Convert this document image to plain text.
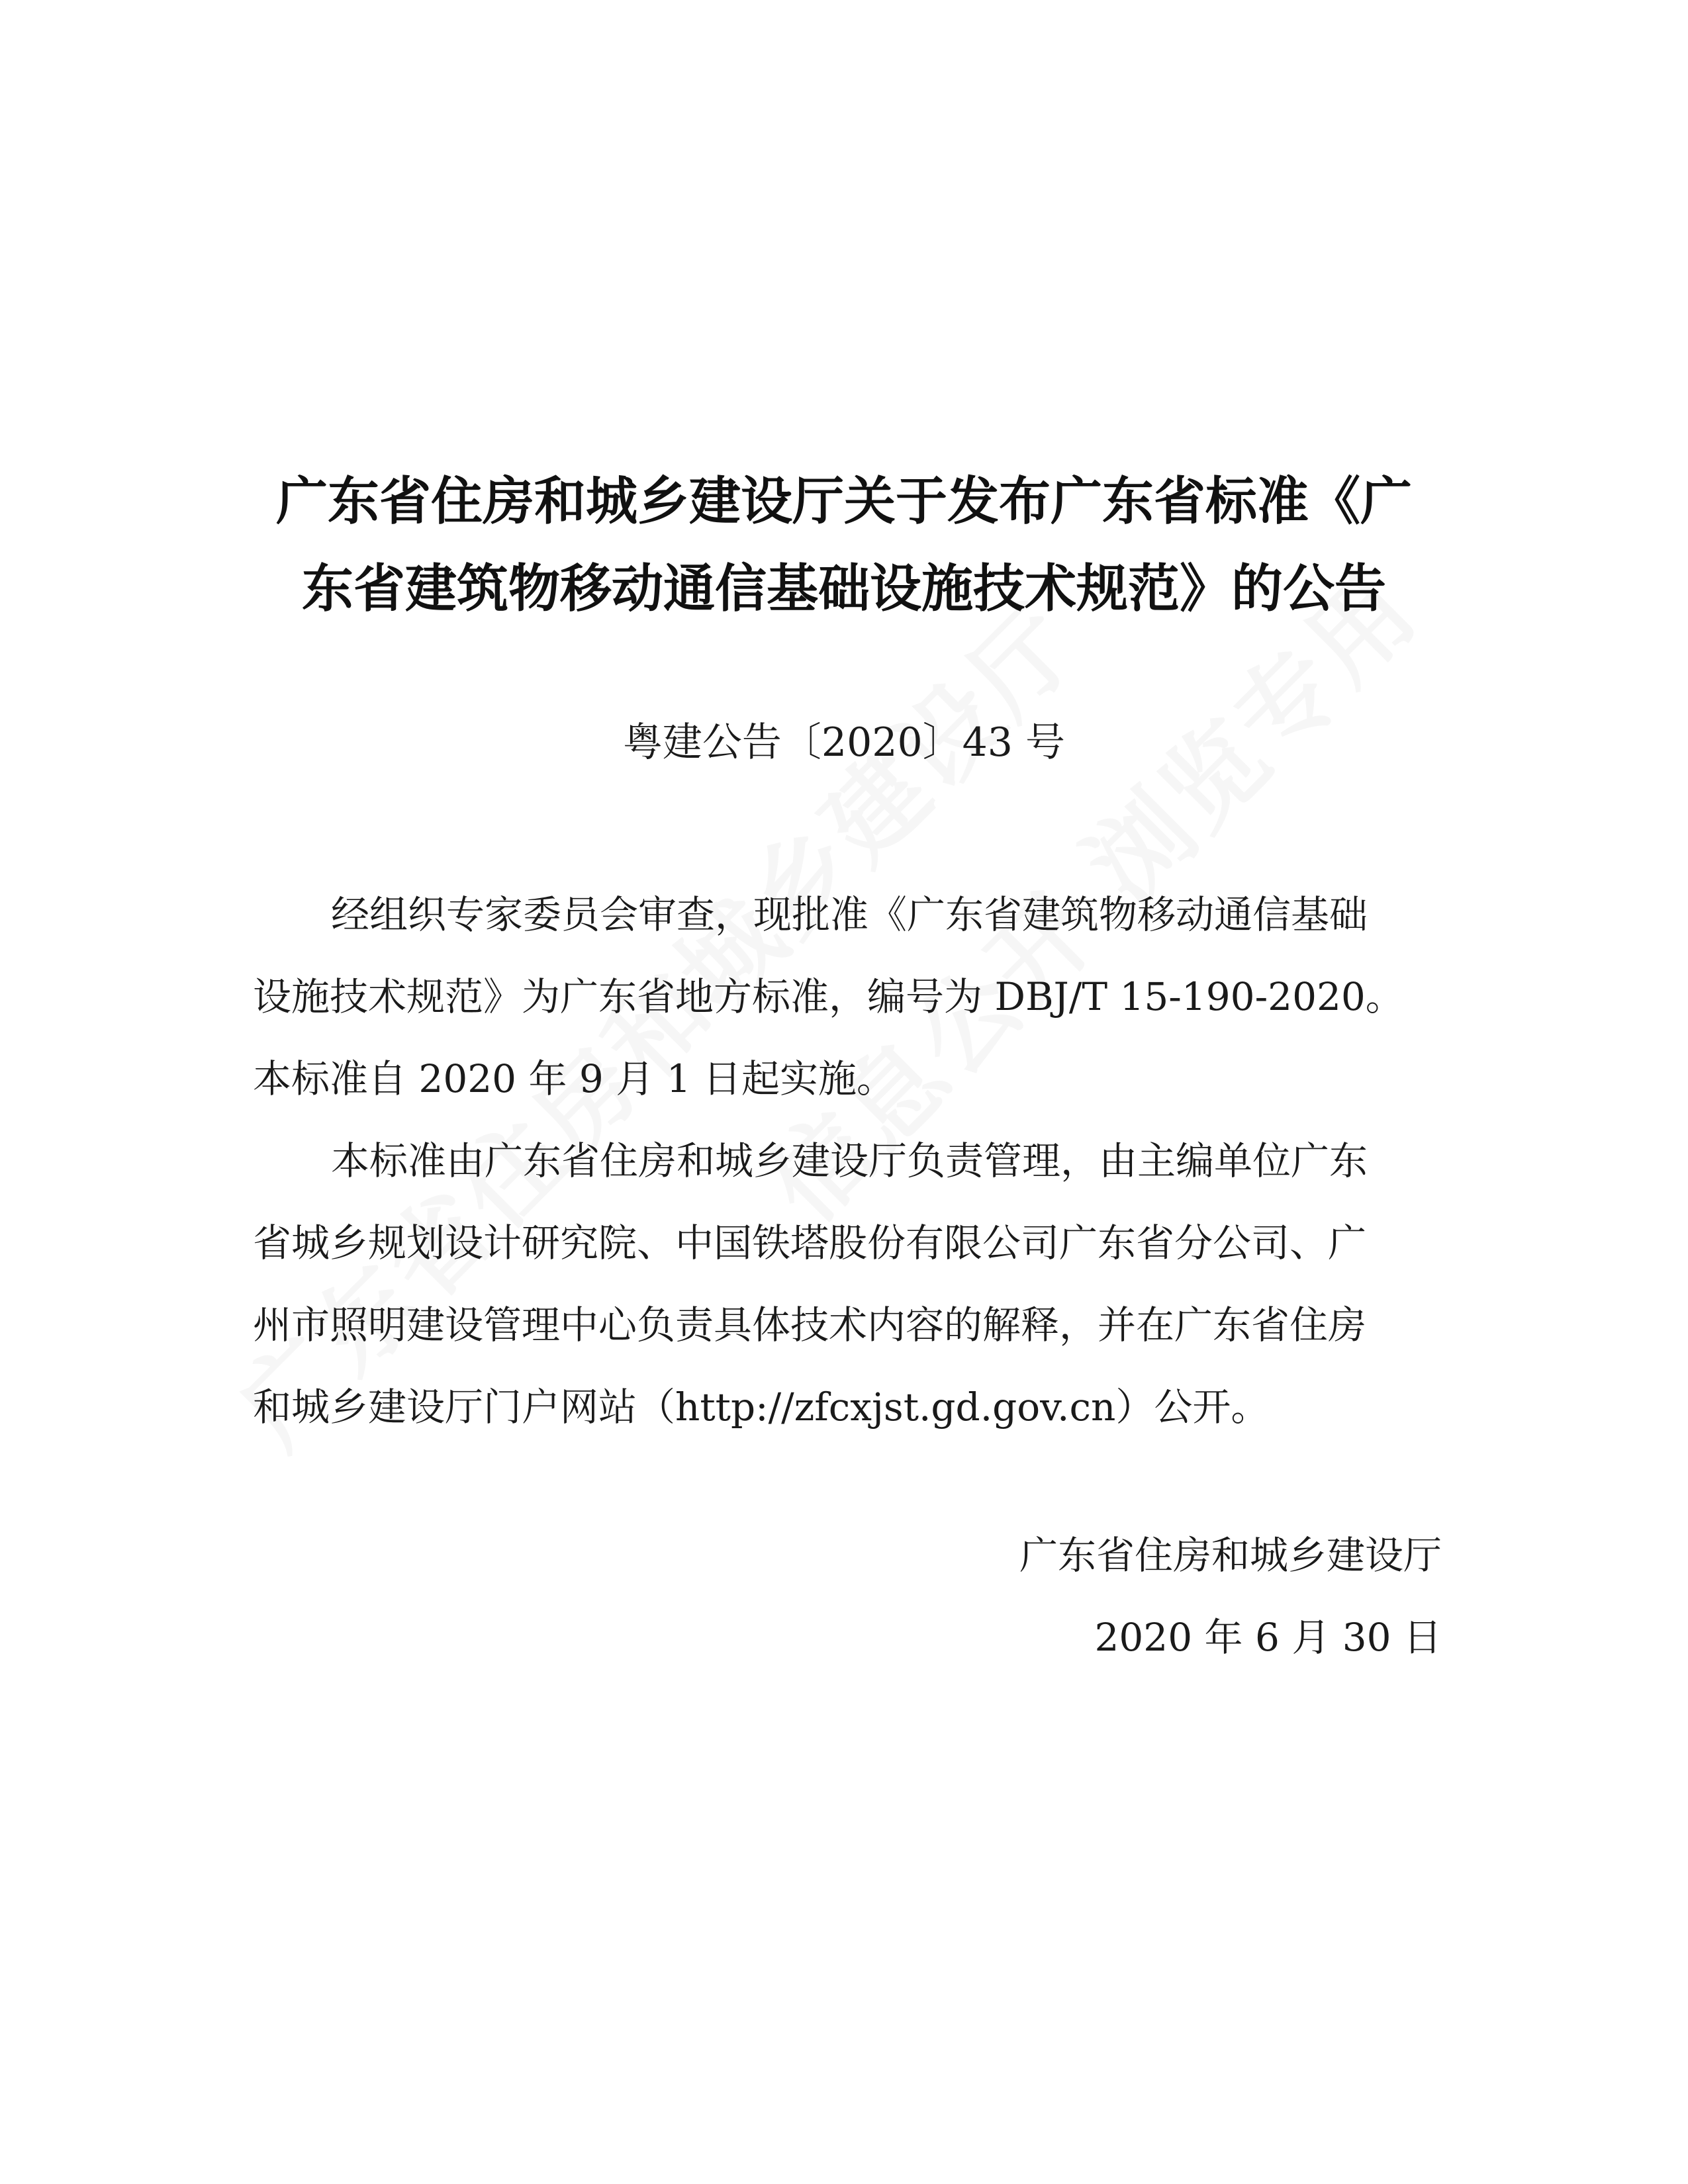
广东省住房和城乡建设厅关于发布广东省标准《广
东省建筑物移动通信基础设施技术规范》的公告
粤建公告〔2020〕43 号
经组织专家委员会审查，现批准《广东省建筑物移动通信基础
设施技术规范》为广东省地方标准，编号为 DBJ/T 15-190-2020。
本标准自 2020 年 9 月 1 日起实施。
本标准由广东省住房和城乡建设厅负责管理，由主编单位广东
省城乡规划设计研究院、中国铁塔股份有限公司广东省分公司、广
州市照明建设管理中心负责具体技术内容的解释，并在广东省住房
和城乡建设厅门户网站（http://zfcxjst.gd.gov.cn）公开。
广东省住房和城乡建设厅
2020 年 6 月 30 日
